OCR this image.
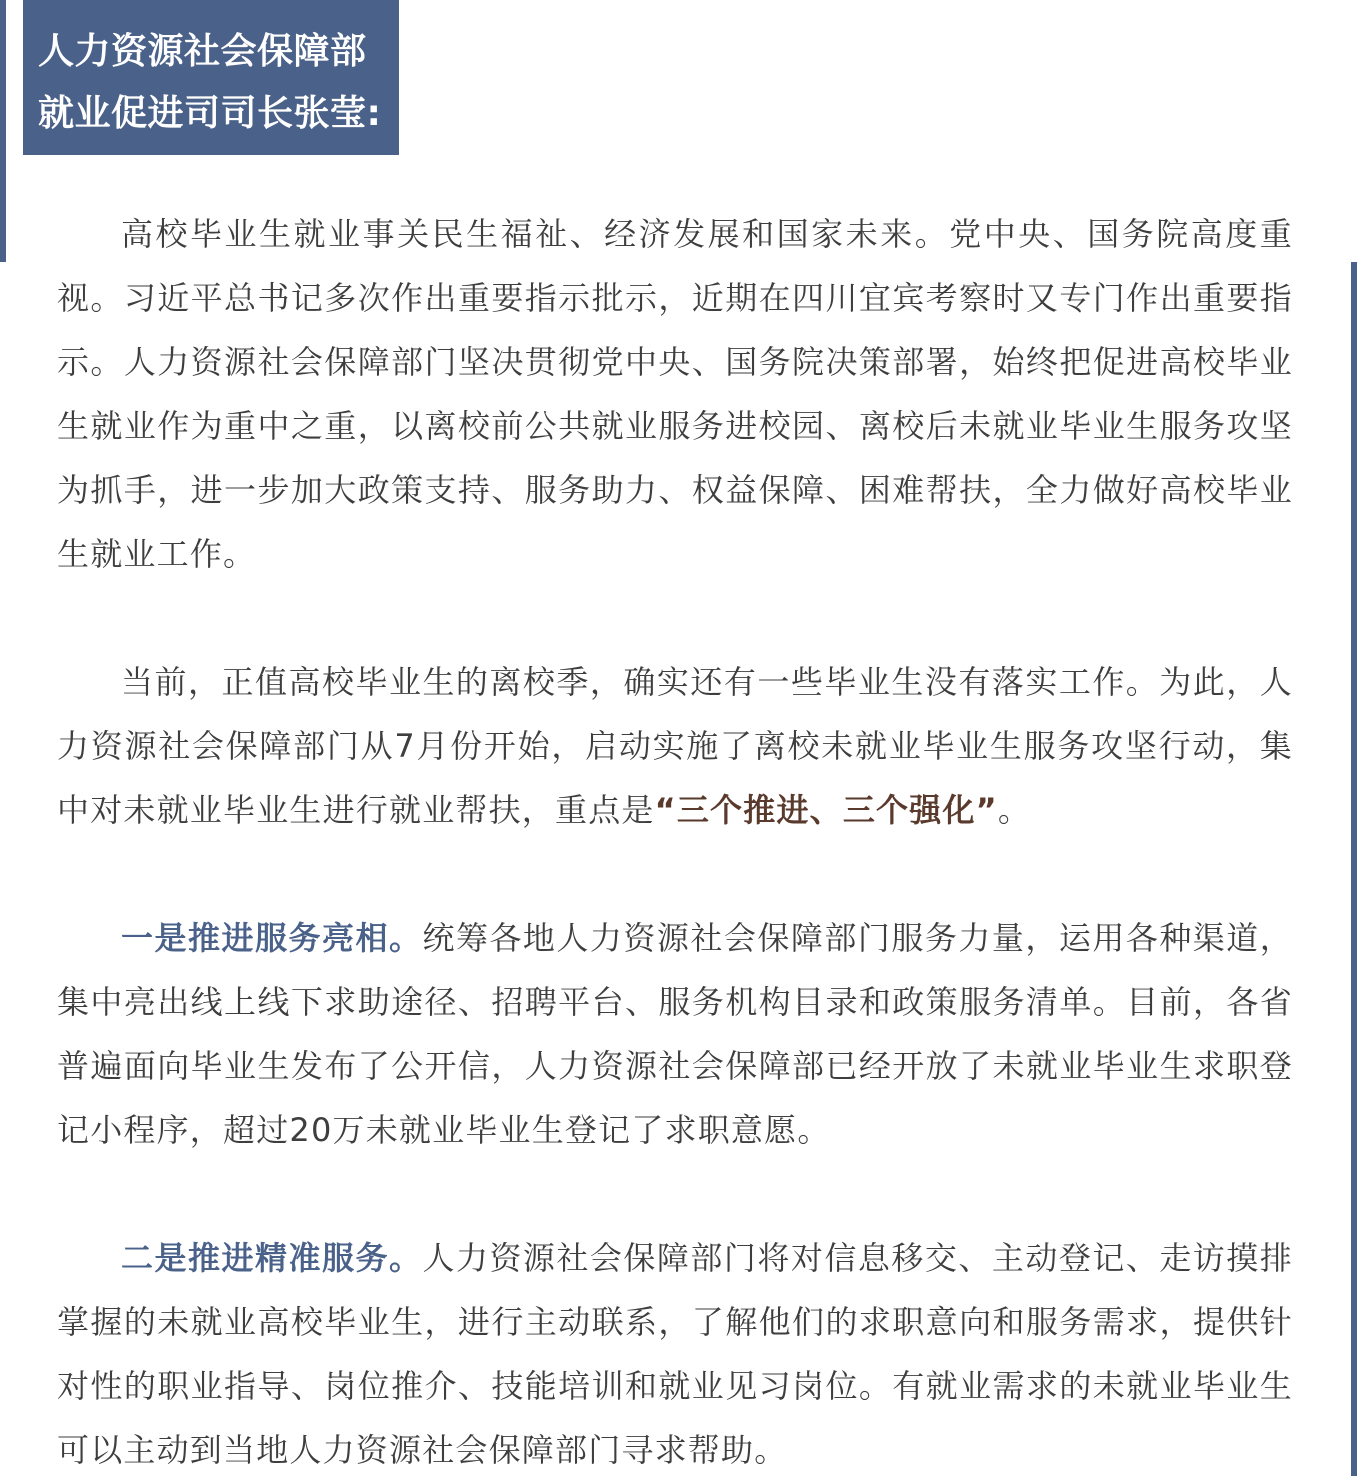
人力资源社会保障部
就业促进司司长张莹:

高校毕业生就业事关民生福祉、经济发展和国家未来。党中央、国务院高度重视。习近平总书记多次作出重要指示批示，近期在四川宜宾考察时又专门作出重要指示。人力资源社会保障部门坚决贯彻党中央、国务院决策部署，始终把促进高校毕业生就业作为重中之重，以离校前公共就业服务进校园、离校后未就业毕业生服务攻坚为抓手，进一步加大政策支持、服务助力、权益保障、困难帮扶，全力做好高校毕业生就业工作。

当前，正值高校毕业生的离校季，确实还有一些毕业生没有落实工作。为此，人力资源社会保障部门从7月份开始，启动实施了离校未就业毕业生服务攻坚行动，集中对未就业毕业生进行就业帮扶，重点是“三个推进、三个强化”。

一是推进服务亮相。统筹各地人力资源社会保障部门服务力量，运用各种渠道，集中亮出线上线下求助途径、招聘平台、服务机构目录和政策服务清单。目前，各省普遍面向毕业生发布了公开信，人力资源社会保障部已经开放了未就业毕业生求职登记小程序，超过20万未就业毕业生登记了求职意愿。

二是推进精准服务。人力资源社会保障部门将对信息移交、主动登记、走访摸排掌握的未就业高校毕业生，进行主动联系，了解他们的求职意向和服务需求，提供针对性的职业指导、岗位推介、技能培训和就业见习岗位。有就业需求的未就业毕业生可以主动到当地人力资源社会保障部门寻求帮助。
